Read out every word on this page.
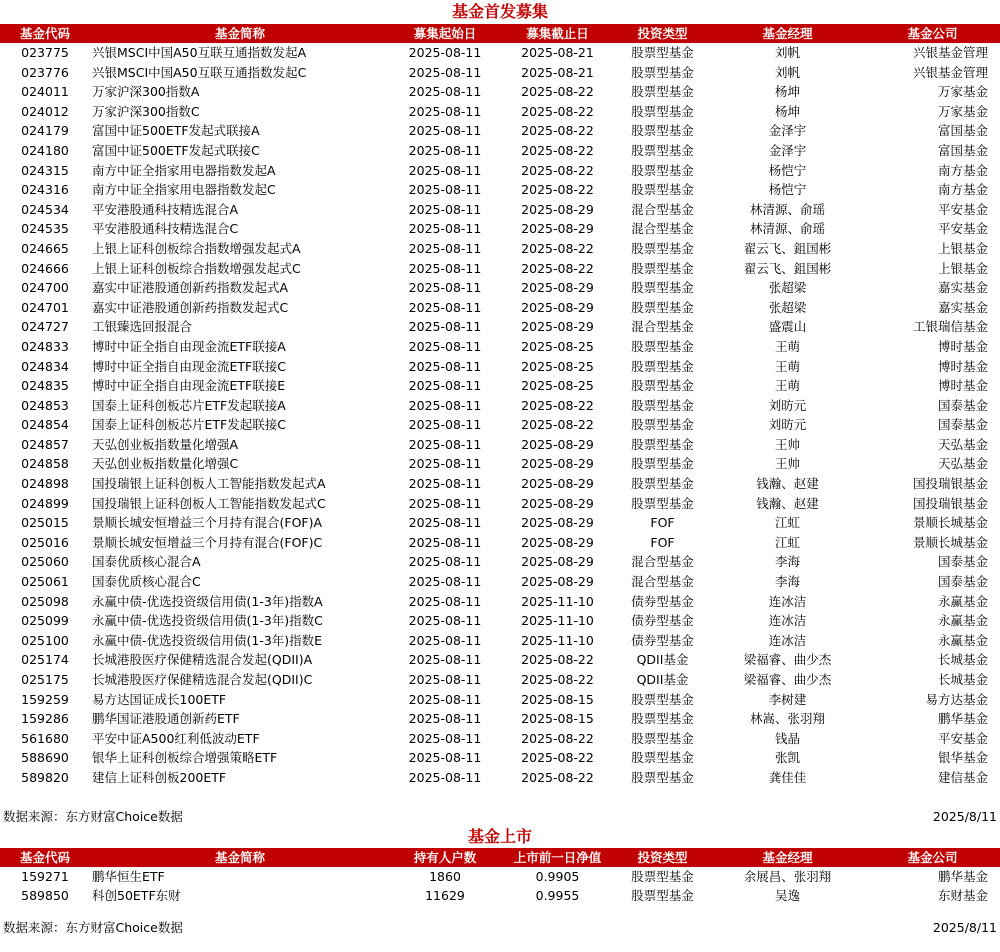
基金首发募集
基金代码	基金简称	募集起始日	募集截止日	投资类型	基金经理	基金公司
023775	兴银MSCI中国A50互联互通指数发起A	2025-08-11	2025-08-21	股票型基金	刘帆	兴银基金管理
023776	兴银MSCI中国A50互联互通指数发起C	2025-08-11	2025-08-21	股票型基金	刘帆	兴银基金管理
024011	万家沪深300指数A	2025-08-11	2025-08-22	股票型基金	杨坤	万家基金
024012	万家沪深300指数C	2025-08-11	2025-08-22	股票型基金	杨坤	万家基金
024179	富国中证500ETF发起式联接A	2025-08-11	2025-08-22	股票型基金	金泽宇	富国基金
024180	富国中证500ETF发起式联接C	2025-08-11	2025-08-22	股票型基金	金泽宇	富国基金
024315	南方中证全指家用电器指数发起A	2025-08-11	2025-08-22	股票型基金	杨恺宁	南方基金
024316	南方中证全指家用电器指数发起C	2025-08-11	2025-08-22	股票型基金	杨恺宁	南方基金
024534	平安港股通科技精选混合A	2025-08-11	2025-08-29	混合型基金	林清源、俞瑶	平安基金
024535	平安港股通科技精选混合C	2025-08-11	2025-08-29	混合型基金	林清源、俞瑶	平安基金
024665	上银上证科创板综合指数增强发起式A	2025-08-11	2025-08-22	股票型基金	翟云飞、鉏国彬	上银基金
024666	上银上证科创板综合指数增强发起式C	2025-08-11	2025-08-22	股票型基金	翟云飞、鉏国彬	上银基金
024700	嘉实中证港股通创新药指数发起式A	2025-08-11	2025-08-29	股票型基金	张超梁	嘉实基金
024701	嘉实中证港股通创新药指数发起式C	2025-08-11	2025-08-29	股票型基金	张超梁	嘉实基金
024727	工银臻选回报混合	2025-08-11	2025-08-29	混合型基金	盛震山	工银瑞信基金
024833	博时中证全指自由现金流ETF联接A	2025-08-11	2025-08-25	股票型基金	王萌	博时基金
024834	博时中证全指自由现金流ETF联接C	2025-08-11	2025-08-25	股票型基金	王萌	博时基金
024835	博时中证全指自由现金流ETF联接E	2025-08-11	2025-08-25	股票型基金	王萌	博时基金
024853	国泰上证科创板芯片ETF发起联接A	2025-08-11	2025-08-22	股票型基金	刘昉元	国泰基金
024854	国泰上证科创板芯片ETF发起联接C	2025-08-11	2025-08-22	股票型基金	刘昉元	国泰基金
024857	天弘创业板指数量化增强A	2025-08-11	2025-08-29	股票型基金	王帅	天弘基金
024858	天弘创业板指数量化增强C	2025-08-11	2025-08-29	股票型基金	王帅	天弘基金
024898	国投瑞银上证科创板人工智能指数发起式A	2025-08-11	2025-08-29	股票型基金	钱瀚、赵建	国投瑞银基金
024899	国投瑞银上证科创板人工智能指数发起式C	2025-08-11	2025-08-29	股票型基金	钱瀚、赵建	国投瑞银基金
025015	景顺长城安恒增益三个月持有混合(FOF)A	2025-08-11	2025-08-29	FOF	江虹	景顺长城基金
025016	景顺长城安恒增益三个月持有混合(FOF)C	2025-08-11	2025-08-29	FOF	江虹	景顺长城基金
025060	国泰优质核心混合A	2025-08-11	2025-08-29	混合型基金	李海	国泰基金
025061	国泰优质核心混合C	2025-08-11	2025-08-29	混合型基金	李海	国泰基金
025098	永赢中债-优选投资级信用债(1-3年)指数A	2025-08-11	2025-11-10	债券型基金	连冰洁	永赢基金
025099	永赢中债-优选投资级信用债(1-3年)指数C	2025-08-11	2025-11-10	债券型基金	连冰洁	永赢基金
025100	永赢中债-优选投资级信用债(1-3年)指数E	2025-08-11	2025-11-10	债券型基金	连冰洁	永赢基金
025174	长城港股医疗保健精选混合发起(QDII)A	2025-08-11	2025-08-22	QDII基金	梁福睿、曲少杰	长城基金
025175	长城港股医疗保健精选混合发起(QDII)C	2025-08-11	2025-08-22	QDII基金	梁福睿、曲少杰	长城基金
159259	易方达国证成长100ETF	2025-08-11	2025-08-15	股票型基金	李树建	易方达基金
159286	鹏华国证港股通创新药ETF	2025-08-11	2025-08-15	股票型基金	林嵩、张羽翔	鹏华基金
561680	平安中证A500红利低波动ETF	2025-08-11	2025-08-22	股票型基金	钱晶	平安基金
588690	银华上证科创板综合增强策略ETF	2025-08-11	2025-08-22	股票型基金	张凯	银华基金
589820	建信上证科创板200ETF	2025-08-11	2025-08-22	股票型基金	龚佳佳	建信基金
数据来源：东方财富Choice数据	2025/8/11
基金上市
基金代码	基金简称	持有人户数	上市前一日净值	投资类型	基金经理	基金公司
159271	鹏华恒生ETF	1860	0.9905	股票型基金	余展昌、张羽翔	鹏华基金
589850	科创50ETF东财	11629	0.9955	股票型基金	吴逸	东财基金
数据来源：东方财富Choice数据	2025/8/11
